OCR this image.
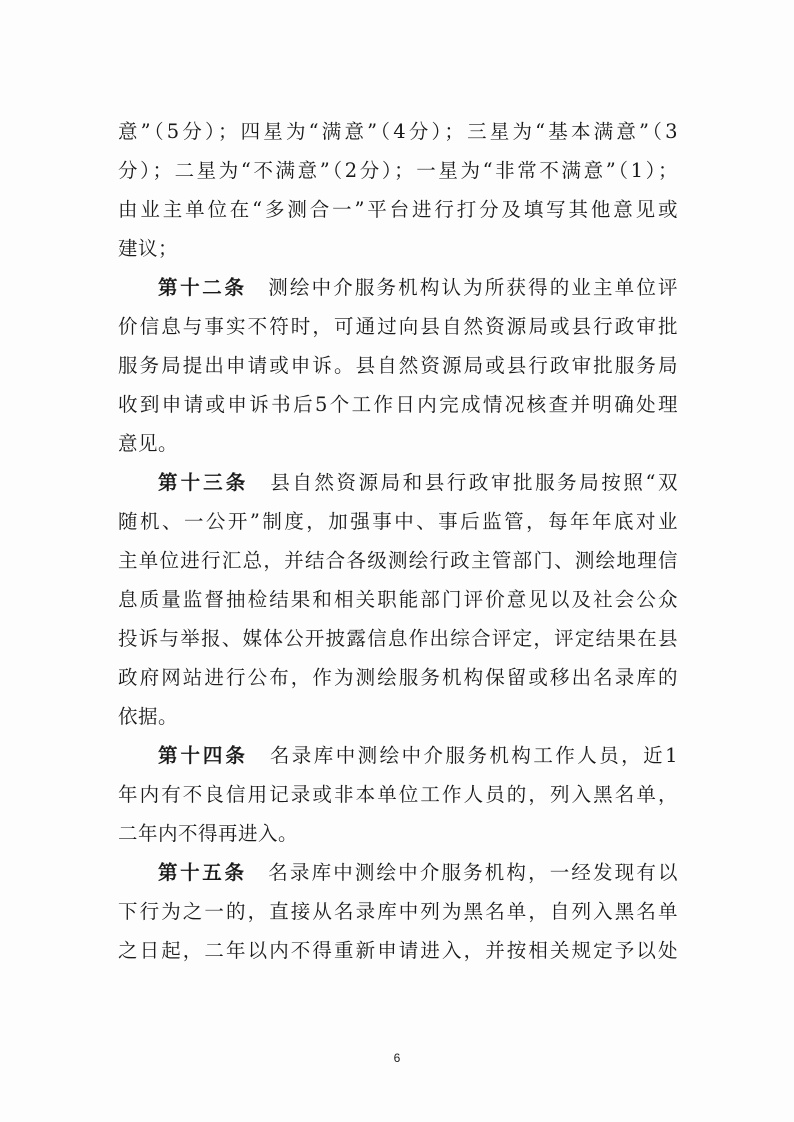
意”（5分）；四星为“满意”（4分）；三星为“基本满意”（3
分）；二星为“不满意”（2分）；一星为“非常不满意”（1）；
由业主单位在“多测合一”平台进行打分及填写其他意见或
建议；
第十二条　 测绘中介服务机构认为所获得的业主单位评
价信息与事实不符时，可通过向县自然资源局或县行政审批
服务局提出申请或申诉。县自然资源局或县行政审批服务局
收到申请或申诉书后5个工作日内完成情况核查并明确处理
意见。
第十三条　 县自然资源局和县行政审批服务局按照“双
随机、一公开”制度，加强事中、事后监管，每年年底对业
主单位进行汇总，并结合各级测绘行政主管部门、测绘地理信
息质量监督抽检结果和相关职能部门评价意见以及社会公众
投诉与举报、媒体公开披露信息作出综合评定，评定结果在县
政府网站进行公布，作为测绘服务机构保留或移出名录库的
依据。
第十四条　 名录库中测绘中介服务机构工作人员，近1
年内有不良信用记录或非本单位工作人员的，列入黑名单，
二年内不得再进入。
第十五条　 名录库中测绘中介服务机构，一经发现有以
下行为之一的，直接从名录库中列为黑名单，自列入黑名单
之日起，二年以内不得重新申请进入，并按相关规定予以处
6
